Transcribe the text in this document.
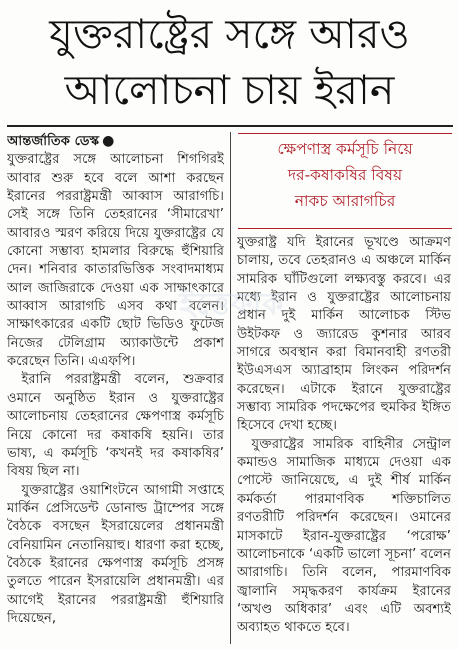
যুক্তরাষ্ট্রের সঙ্গে আরও
আলোচনা চায় ইরান

আন্তর্জাতিক ডেস্ক ●

যুক্তরাষ্ট্রের সঙ্গে আলোচনা শিগগিরই আবার শুরু হবে বলে আশা করছেন ইরানের পররাষ্ট্রমন্ত্রী আব্বাস আরাগচি। সেই সঙ্গে তিনি তেহরানের ‘সীমারেখা’ আবারও স্মরণ করিয়ে দিয়ে যুক্তরাষ্ট্রের যে কোনো সম্ভাব্য হামলার বিরুদ্ধে হুঁশিয়ারি দেন। শনিবার কাতারভিত্তিক সংবাদমাধ্যম আল জাজিরাকে দেওয়া এক সাক্ষাৎকারে আব্বাস আরাগচি এসব কথা বলেন। সাক্ষাৎকারের একটি ছোট ভিডিও ফুটেজ নিজের টেলিগ্রাম অ্যাকাউন্টে প্রকাশ করেছেন তিনি। এএফপি।

ইরানি পররাষ্ট্রমন্ত্রী বলেন, শুক্রবার ওমানে অনুষ্ঠিত ইরান ও যুক্তরাষ্ট্রের আলোচনায় তেহরানের ক্ষেপণাস্ত্র কর্মসূচি নিয়ে কোনো দর কষাকষি হয়নি। তার ভাষ্য, এ কর্মসূচি ‘কখনই দর কষাকষির’ বিষয় ছিল না।

যুক্তরাষ্ট্রের ওয়াশিংটনে আগামী সপ্তাহে মার্কিন প্রেসিডেন্ট ডোনাল্ড ট্রাম্পের সঙ্গে বৈঠকে বসছেন ইসরায়েলের প্রধানমন্ত্রী বেনিয়ামিন নেতানিয়াহু। ধারণা করা হচ্ছে, বৈঠকে ইরানের ক্ষেপণাস্ত্র কর্মসূচি প্রসঙ্গ তুলতে পারেন ইসরায়েলি প্রধানমন্ত্রী। এর আগেই ইরানের পররাষ্ট্রমন্ত্রী হুঁশিয়ারি দিয়েছেন,

ক্ষেপণাস্ত্র কর্মসূচি নিয়ে
দর-কষাকষির বিষয়
নাকচ আরাগচির

যুক্তরাষ্ট্র যদি ইরানের ভূখণ্ডে আক্রমণ চালায়, তবে তেহরানও এ অঞ্চলে মার্কিন সামরিক ঘাঁটিগুলো লক্ষ্যবস্তু করবে। এর মধ্যে ইরান ও যুক্তরাষ্ট্রের আলোচনায় প্রধান দুই মার্কিন আলোচক স্টিভ উইটকফ ও জ্যারেড কুশনার আরব সাগরে অবস্থান করা বিমানবাহী রণতরী ইউএসএস অ্যাব্রাহাম লিংকন পরিদর্শন করেছেন। এটাকে ইরানে যুক্তরাষ্ট্রের সম্ভাব্য সামরিক পদক্ষেপের হুমকির ইঙ্গিত হিসেবে দেখা হচ্ছে।

যুক্তরাষ্ট্রের সামরিক বাহিনীর সেন্ট্রাল কমান্ডও সামাজিক মাধ্যমে দেওয়া এক পোস্টে জানিয়েছে, এ দুই শীর্ষ মার্কিন কর্মকর্তা পারমাণবিক শক্তিচালিত রণতরীটি পরিদর্শন করেছেন। ওমানের মাসকাটে ইরান-যুক্তরাষ্ট্রের ‘পরোক্ষ’ আলোচনাকে ‘একটি ভালো সূচনা’ বলেন আরাগচি। তিনি বলেন, পারমাণবিক জ্বালানি সমৃদ্ধকরণ কার্যক্রম ইরানের ‘অখণ্ড অধিকার’ এবং এটি অবশ্যই অব্যাহত থাকতে হবে।

ইত্তেফাক
